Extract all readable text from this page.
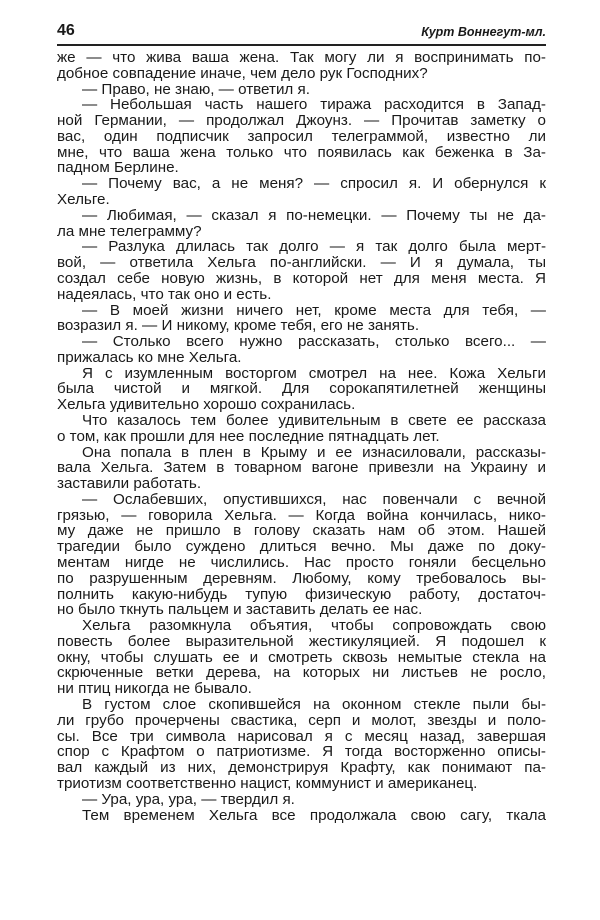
46	Курт Воннегут-мл.
же — что жива ваша жена. Так могу ли я воспринимать по-
добное совпадение иначе, чем дело рук Господних?
— Право, не знаю, — ответил я.
— Небольшая часть нашего тиража расходится в Запад-
ной Германии, — продолжал Джоунз. — Прочитав заметку о
вас, один подписчик запросил телеграммой, известно ли
мне, что ваша жена только что появилась как беженка в За-
падном Берлине.
— Почему вас, а не меня? — спросил я. И обернулся к
Хельге.
— Любимая, — сказал я по-немецки. — Почему ты не да-
ла мне телеграмму?
— Разлука длилась так долго — я так долго была мерт-
вой, — ответила Хельга по-английски. — И я думала, ты
создал себе новую жизнь, в которой нет для меня места. Я
надеялась, что так оно и есть.
— В моей жизни ничего нет, кроме места для тебя, —
возразил я. — И никому, кроме тебя, его не занять.
— Столько всего нужно рассказать, столько всего... —
прижалась ко мне Хельга.
Я с изумленным восторгом смотрел на нее. Кожа Хельги
была чистой и мягкой. Для сорокапятилетней женщины
Хельга удивительно хорошо сохранилась.
Что казалось тем более удивительным в свете ее рассказа
о том, как прошли для нее последние пятнадцать лет.
Она попала в плен в Крыму и ее изнасиловали, рассказы-
вала Хельга. Затем в товарном вагоне привезли на Украину и
заставили работать.
— Ослабевших, опустившихся, нас повенчали с вечной
грязью, — говорила Хельга. — Когда война кончилась, нико-
му даже не пришло в голову сказать нам об этом. Нашей
трагедии было суждено длиться вечно. Мы даже по доку-
ментам нигде не числились. Нас просто гоняли бесцельно
по разрушенным деревням. Любому, кому требовалось вы-
полнить какую-нибудь тупую физическую работу, достаточ-
но было ткнуть пальцем и заставить делать ее нас.
Хельга разомкнула объятия, чтобы сопровождать свою
повесть более выразительной жестикуляцией. Я подошел к
окну, чтобы слушать ее и смотреть сквозь немытые стекла на
скрюченные ветки дерева, на которых ни листьев не росло,
ни птиц никогда не бывало.
В густом слое скопившейся на оконном стекле пыли бы-
ли грубо прочерчены свастика, серп и молот, звезды и поло-
сы. Все три символа нарисовал я с месяц назад, завершая
спор с Крафтом о патриотизме. Я тогда восторженно описы-
вал каждый из них, демонстрируя Крафту, как понимают па-
триотизм соответственно нацист, коммунист и американец.
— Ура, ура, ура, — твердил я.
Тем временем Хельга все продолжала свою сагу, ткала
